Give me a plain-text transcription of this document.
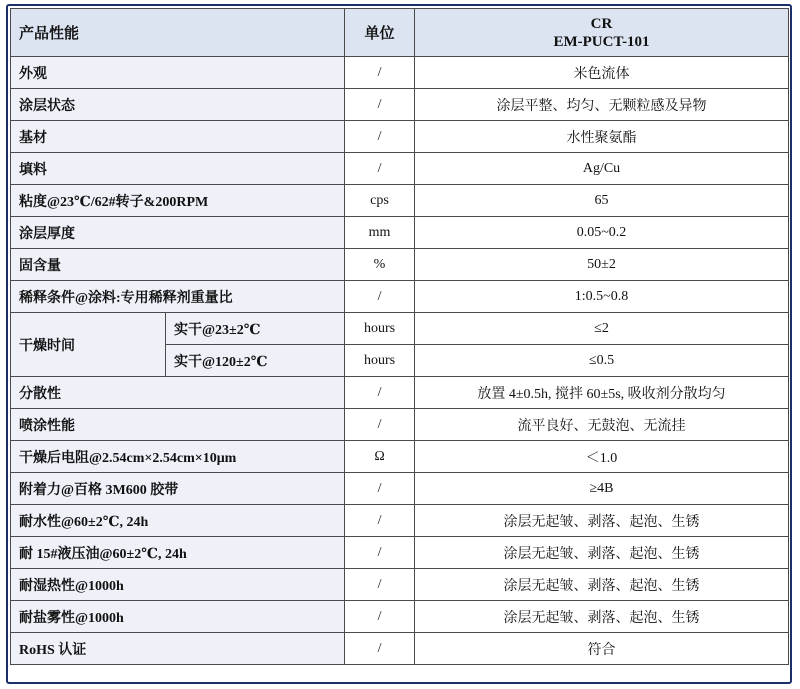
产品性能		单位	CR
EM-PUCT-101

外观		/	米色流体
涂层状态		/	涂层平整、均匀、无颗粒感及异物
基材		/	水性聚氨酯
填料		/	Ag/Cu
粘度@23℃/62#转子&200RPM		cps	65
涂层厚度		mm	0.05~0.2
固含量		%	50±2
稀释条件@涂料:专用稀释剂重量比		/	1:0.5~0.8
干燥时间	实干@23±2℃	hours	≤2
	实干@120±2℃	hours	≤0.5
分散性		/	放置 4±0.5h, 搅拌 60±5s, 吸收剂分散均匀
喷涂性能		/	流平良好、无鼓泡、无流挂
干燥后电阻@2.54cm×2.54cm×10μm		Ω	＜1.0
附着力@百格 3M600 胶带		/	≥4B
耐水性@60±2℃, 24h		/	涂层无起皱、剥落、起泡、生锈
耐 15#液压油@60±2℃, 24h		/	涂层无起皱、剥落、起泡、生锈
耐湿热性@1000h		/	涂层无起皱、剥落、起泡、生锈
耐盐雾性@1000h		/	涂层无起皱、剥落、起泡、生锈
RoHS 认证		/	符合
